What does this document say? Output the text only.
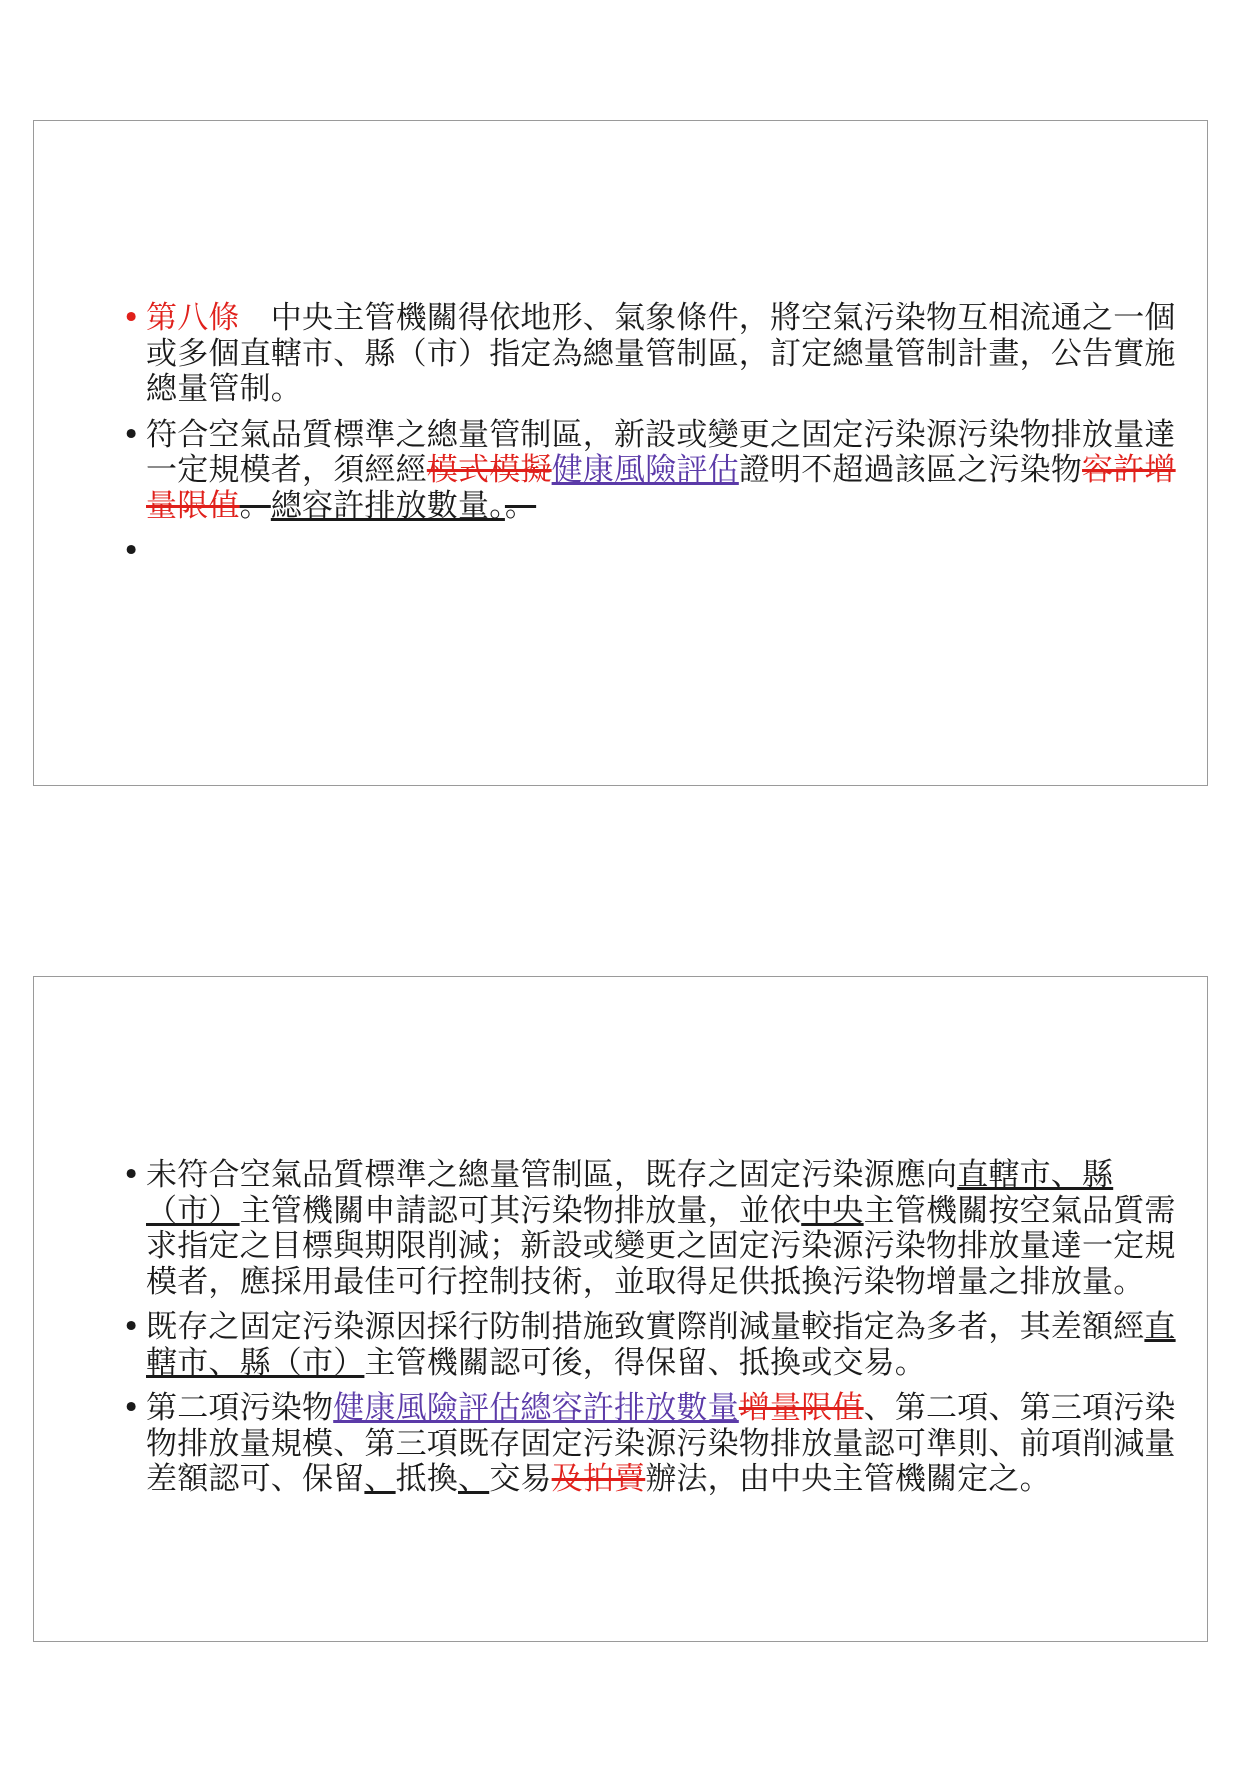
• 第八條　中央主管機關得依地形、氣象條件，將空氣污染物互相流通之一個或多個直轄市、縣（市）指定為總量管制區，訂定總量管制計畫，公告實施總量管制。
• 符合空氣品質標準之總量管制區，新設或變更之固定污染源污染物排放量達一定規模者，須經經模式模擬健康風險評估證明不超過該區之污染物容許增量限值。總容許排放數量。。
• 未符合空氣品質標準之總量管制區，既存之固定污染源應向直轄市、縣（市）主管機關申請認可其污染物排放量，並依中央主管機關按空氣品質需求指定之目標與期限削減；新設或變更之固定污染源污染物排放量達一定規模者，應採用最佳可行控制技術，並取得足供抵換污染物增量之排放量。
• 既存之固定污染源因採行防制措施致實際削減量較指定為多者，其差額經直轄市、縣（市）主管機關認可後，得保留、抵換或交易。
• 第二項污染物健康風險評估總容許排放數量增量限值、第二項、第三項污染物排放量規模、第三項既存固定污染源污染物排放量認可準則、前項削減量差額認可、保留、抵換、交易及拍賣辦法，由中央主管機關定之。
